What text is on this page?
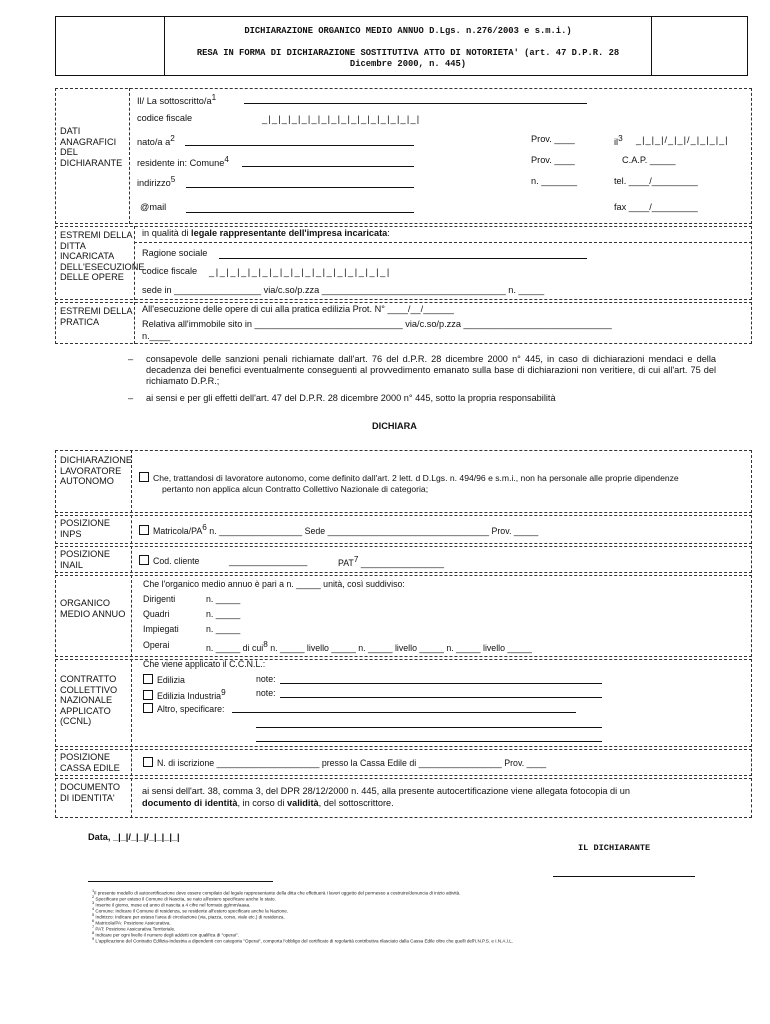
DICHIARAZIONE ORGANICO MEDIO ANNUO D.Lgs. n.276/2003 e s.m.i.)
RESA IN FORMA DI DICHIARAZIONE SOSTITUTIVA ATTO DI NOTORIETA' (art. 47 D.P.R. 28
Dicembre 2000, n. 445)
DATI ANAGRAFICI DEL DICHIARANTE
Il/ La sottoscritto/$a^1$
codice fiscale	_|_|_|_|_|_|_|_|_|_|_|_|_|_|_|_|
nato/a $a^2$	Prov. ____	$il^3$ _|_|_|/_|_|/_|_|_|_|
residente in: Comune$^4$	Prov. ____	C.A.P. _____
indirizzo$^5$	n. _______	tel. ____/_________
@mail	fax ____/_________
ESTREMI DELLA DITTA INCARICATA DELL'ESECUZIONE DELLE OPERE
in qualità di legale rappresentante dell'impresa incaricata:
Ragione sociale
codice fiscale _|_|_|_|_|_|_|_|_|_|_|_|_|_|_|_|_|
sede in _________________ via/c.so/p.zza ____________________________________ n. _____
ESTREMI DELLA PRATICA
All'esecuzione delle opere di cui alla pratica edilizia Prot. N° ____/__/______
Relativa all'immobile sito in _____________________________ via/c.so/p.zza _____________________________
n.____
– consapevole delle sanzioni penali richiamate dall'art. 76 del d.P.R. 28 dicembre 2000 n° 445, in caso di dichiarazioni mendaci e della decadenza dei benefici eventualmente conseguenti al provvedimento emanato sulla base di dichiarazioni non veritiere, di cui all'art. 75 del richiamato D.P.R.;
– ai sensi e per gli effetti dell'art. 47 del D.P.R. 28 dicembre 2000 n° 445, sotto la propria responsabilità
DICHIARA
DICHIARAZIONE LAVORATORE AUTONOMO	Che, trattandosi di lavoratore autonomo, come definito dall'art. 2 lett. d D.Lgs. n. 494/96 e s.m.i., non ha personale alle proprie dipendenze
pertanto non applica alcun Contratto Collettivo Nazionale di categoria;
POSIZIONE INPS	Matricola/$PA^6$ n. _________________ Sede _________________________________ Prov. _____
POSIZIONE INAIL	Cod. cliente	________________	PAT$^7$ _________________
ORGANICO MEDIO ANNUO
Che l'organico medio annuo è pari a n. _____ unità, così suddiviso:
Dirigenti	n. _____
Quadri	n. _____
Impiegati	n. _____
Operai	n. _____ di cui$^8$ n. _____ livello _____ n. _____ livello _____ n. _____ livello _____
CONTRATTO COLLETTIVO NAZIONALE APPLICATO (CCNL)
Che viene applicato il C.C.N.L.:
Edilizia	note:
Edilizia Industria$^9$	note:
Altro, specificare:
POSIZIONE CASSA EDILE	N. di iscrizione _____________________ presso la Cassa Edile di _________________ Prov. ____
DOCUMENTO DI IDENTITA'
ai sensi dell'art. 38, comma 3, del DPR 28/12/2000 n. 445, alla presente autocertificazione viene allegata fotocopia di un
documento di identità, in corso di validità, del sottoscrittore.
Data, _|_|/_|_|/_|_|_|_|
IL DICHIARANTE
$^1$Il presente modello di autocertificazione deve essere compilato dal legale rappresentante della ditta che effettuerà i lavori oggetto del permesso a costruire/denuncia di inizio attività.
$^2$ Specificare per esteso il Comune di Nascita, se nato all'estero specificare anche lo stato.
$^3$ Inserire il giorno, mese ed anno di nascita a 4 cifre nel formato gg/mm/aaaa.
$^4$ Comune: Indicare il Comune di residenza, se residente all'estero specificare anche la Nazione.
$^5$ Indirizzo: Indicare per esteso l'area di circolazione (via, piazza, corso, viale etc.) di residenza.
$^6$ Matricola/PA: Posizione Assicurativa.
$^7$ PAT: Posizione Assicurativa Territoriale.
$^8$ Indicare per ogni livello il numero degli addetti con qualifica di "operai".
$^9$ L'applicazione del Contratto Edilizia-Industria a dipendenti con categoria "Operai", comporta l'obbligo del certificato di regolarità contributiva rilasciato dalla Cassa Edile oltre che quelli dell'I.N.P.S. e I.N.A.I.L.
